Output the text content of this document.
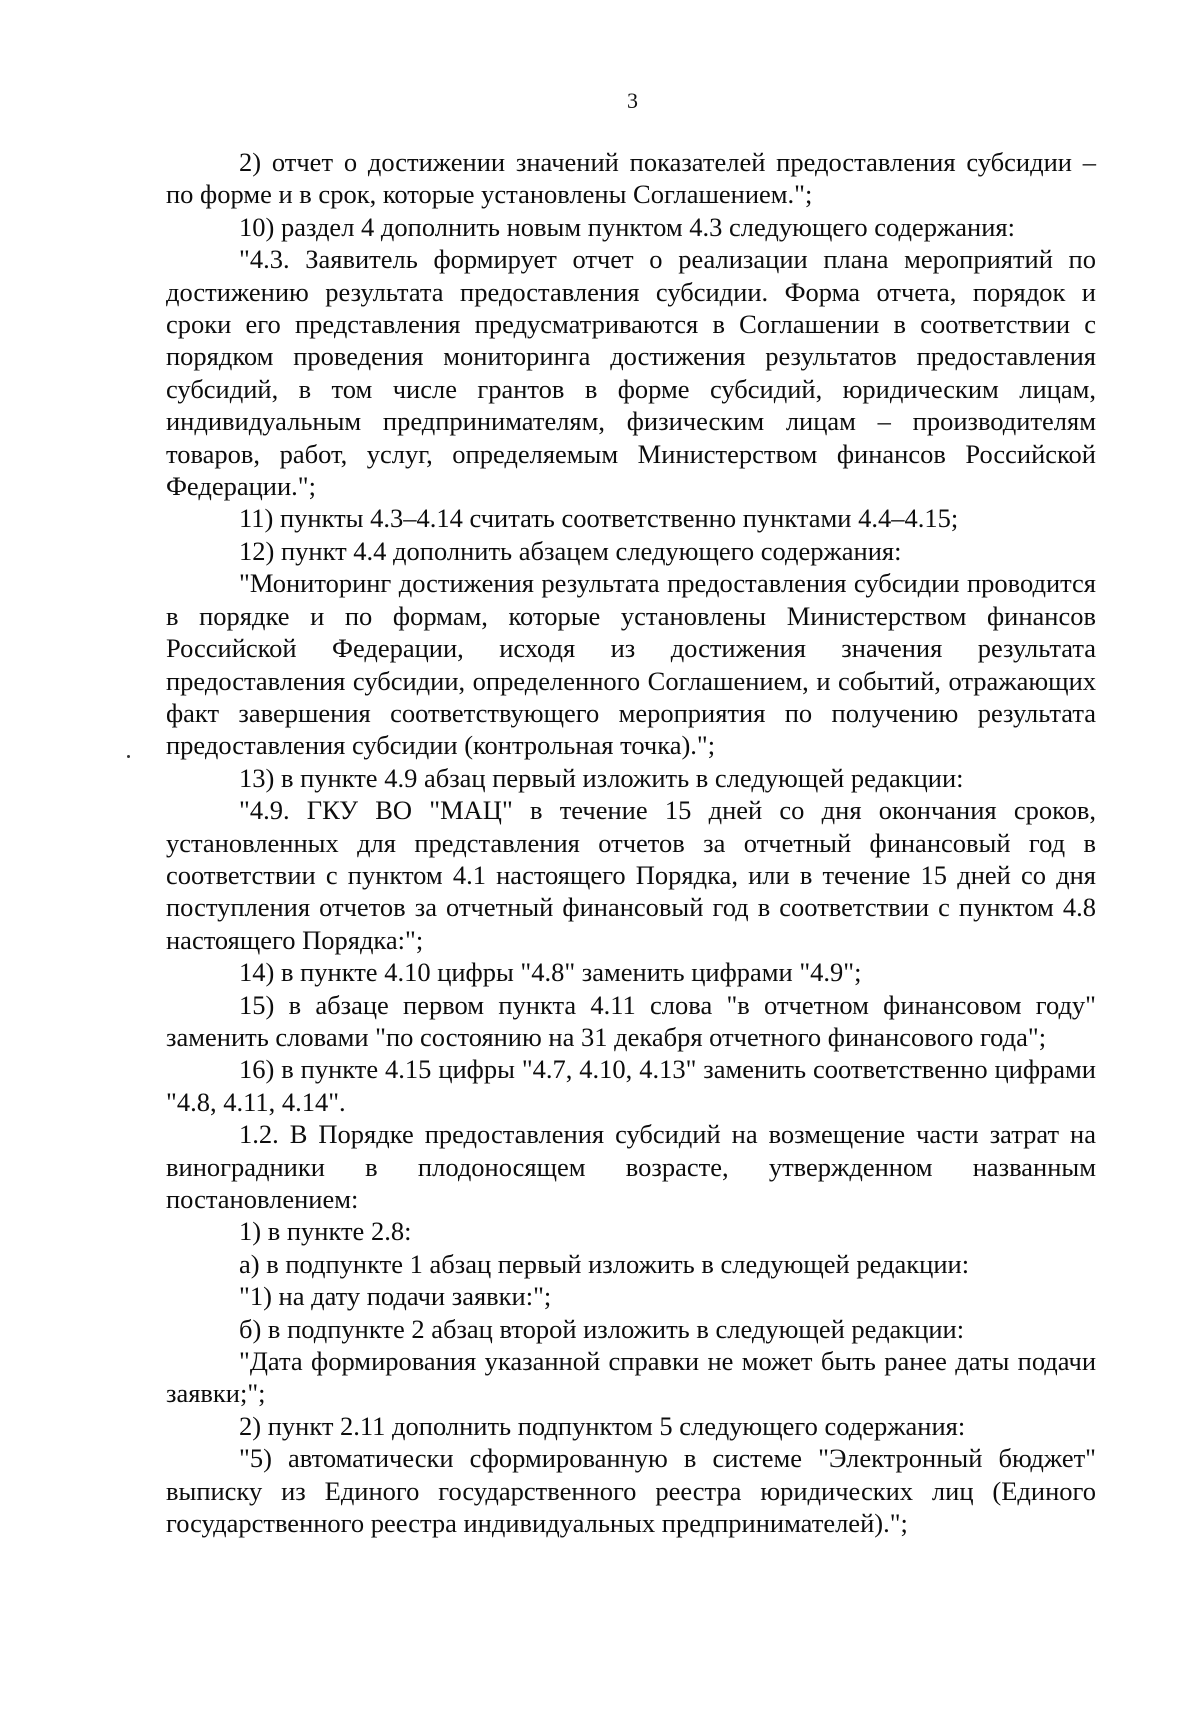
3

2) отчет о достижении значений показателей предоставления субсидии – по форме и в срок, которые установлены Соглашением.";

10) раздел 4 дополнить новым пунктом 4.3 следующего содержания:

"4.3. Заявитель формирует отчет о реализации плана мероприятий по достижению результата предоставления субсидии. Форма отчета, порядок и сроки его представления предусматриваются в Соглашении в соответствии с порядком проведения мониторинга достижения результатов предоставления субсидий, в том числе грантов в форме субсидий, юридическим лицам, индивидуальным предпринимателям, физическим лицам – производителям товаров, работ, услуг, определяемым Министерством финансов Российской Федерации.";

11) пункты 4.3–4.14 считать соответственно пунктами 4.4–4.15;

12) пункт 4.4 дополнить абзацем следующего содержания:

"Мониторинг достижения результата предоставления субсидии проводится в порядке и по формам, которые установлены Министерством финансов Российской Федерации, исходя из достижения значения результата предоставления субсидии, определенного Соглашением, и событий, отражающих факт завершения соответствующего мероприятия по получению результата предоставления субсидии (контрольная точка).";

13) в пункте 4.9 абзац первый изложить в следующей редакции:

"4.9. ГКУ ВО "МАЦ" в течение 15 дней со дня окончания сроков, установленных для представления отчетов за отчетный финансовый год в соответствии с пунктом 4.1 настоящего Порядка, или в течение 15 дней со дня поступления отчетов за отчетный финансовый год в соответствии с пунктом 4.8 настоящего Порядка:";

14) в пункте 4.10 цифры "4.8" заменить цифрами "4.9";

15) в абзаце первом пункта 4.11 слова "в отчетном финансовом году" заменить словами "по состоянию на 31 декабря отчетного финансового года";

16) в пункте 4.15 цифры "4.7, 4.10, 4.13" заменить соответственно цифрами "4.8, 4.11, 4.14".

1.2. В Порядке предоставления субсидий на возмещение части затрат на виноградники в плодоносящем возрасте, утвержденном названным постановлением:

1) в пункте 2.8:

а) в подпункте 1 абзац первый изложить в следующей редакции:

"1) на дату подачи заявки:";

б) в подпункте 2 абзац второй изложить в следующей редакции:

"Дата формирования указанной справки не может быть ранее даты подачи заявки;";

2) пункт 2.11 дополнить подпунктом 5 следующего содержания:

"5) автоматически сформированную в системе "Электронный бюджет" выписку из Единого государственного реестра юридических лиц (Единого государственного реестра индивидуальных предпринимателей).";
